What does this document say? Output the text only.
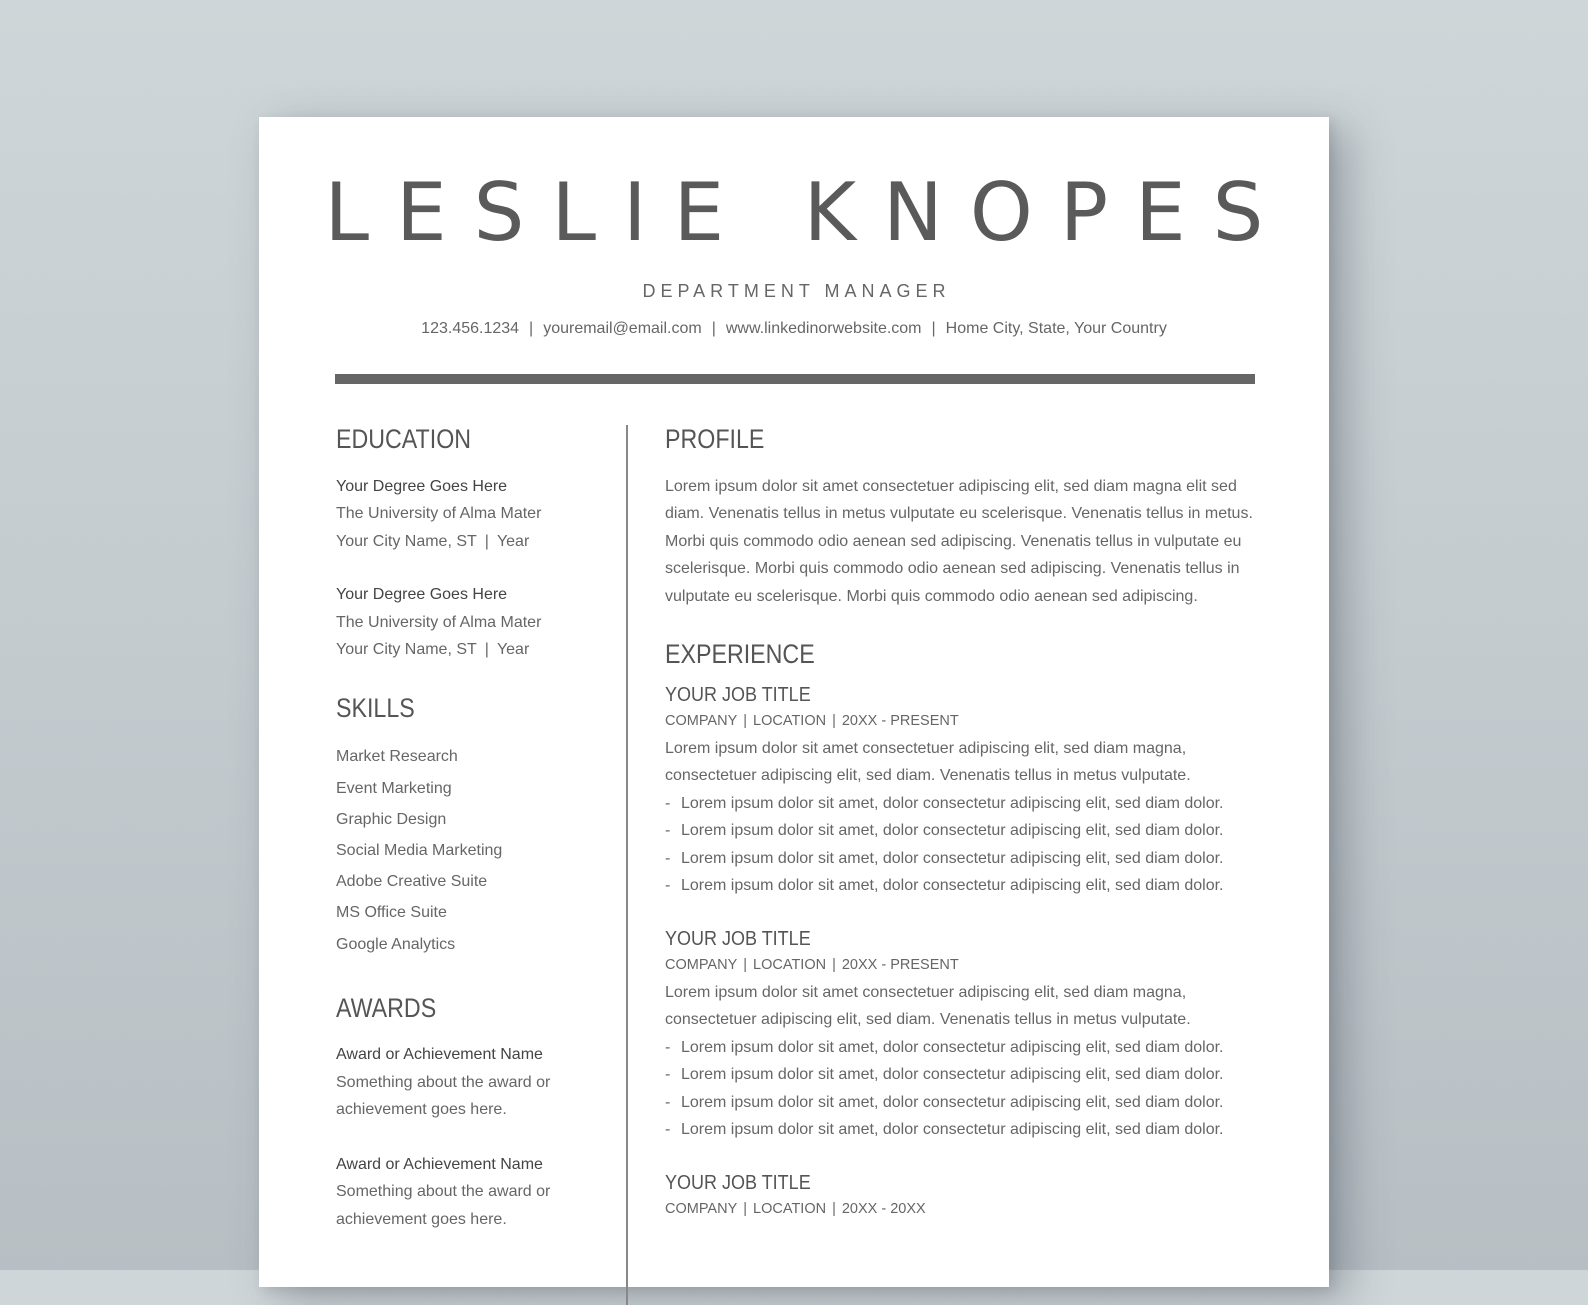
LESLIE KNOPES
DEPARTMENT MANAGER
123.456.1234 | youremail@email.com | www.linkedinorwebsite.com | Home City, State, Your Country
EDUCATION
Your Degree Goes Here
The University of Alma Mater
Your City Name, ST | Year
Your Degree Goes Here
The University of Alma Mater
Your City Name, ST | Year
SKILLS
Market Research
Event Marketing
Graphic Design
Social Media Marketing
Adobe Creative Suite
MS Office Suite
Google Analytics
AWARDS
Award or Achievement Name
Something about the award or
achievement goes here.
Award or Achievement Name
Something about the award or
achievement goes here.
PROFILE

Lorem ipsum dolor sit amet consectetuer adipiscing elit, sed diam magna elit sed diam. Venenatis tellus in metus vulputate eu scelerisque. Venenatis tellus in metus. Morbi quis commodo odio aenean sed adipiscing. Venenatis tellus in vulputate eu scelerisque. Morbi quis commodo odio aenean sed adipiscing. Venenatis tellus in vulputate eu scelerisque. Morbi quis commodo odio aenean sed adipiscing.

EXPERIENCE
YOUR JOB TITLE
COMPANY | LOCATION | 20XX - PRESENT

Lorem ipsum dolor sit amet consectetuer adipiscing elit, sed diam magna, consectetuer adipiscing elit, sed diam. Venenatis tellus in metus vulputate.

- Lorem ipsum dolor sit amet, dolor consectetur adipiscing elit, sed diam dolor.
- Lorem ipsum dolor sit amet, dolor consectetur adipiscing elit, sed diam dolor.
- Lorem ipsum dolor sit amet, dolor consectetur adipiscing elit, sed diam dolor.
- Lorem ipsum dolor sit amet, dolor consectetur adipiscing elit, sed diam dolor.
YOUR JOB TITLE
COMPANY | LOCATION | 20XX - PRESENT

Lorem ipsum dolor sit amet consectetuer adipiscing elit, sed diam magna, consectetuer adipiscing elit, sed diam. Venenatis tellus in metus vulputate.

- Lorem ipsum dolor sit amet, dolor consectetur adipiscing elit, sed diam dolor.
- Lorem ipsum dolor sit amet, dolor consectetur adipiscing elit, sed diam dolor.
- Lorem ipsum dolor sit amet, dolor consectetur adipiscing elit, sed diam dolor.
- Lorem ipsum dolor sit amet, dolor consectetur adipiscing elit, sed diam dolor.
YOUR JOB TITLE
COMPANY | LOCATION | 20XX - 20XX
